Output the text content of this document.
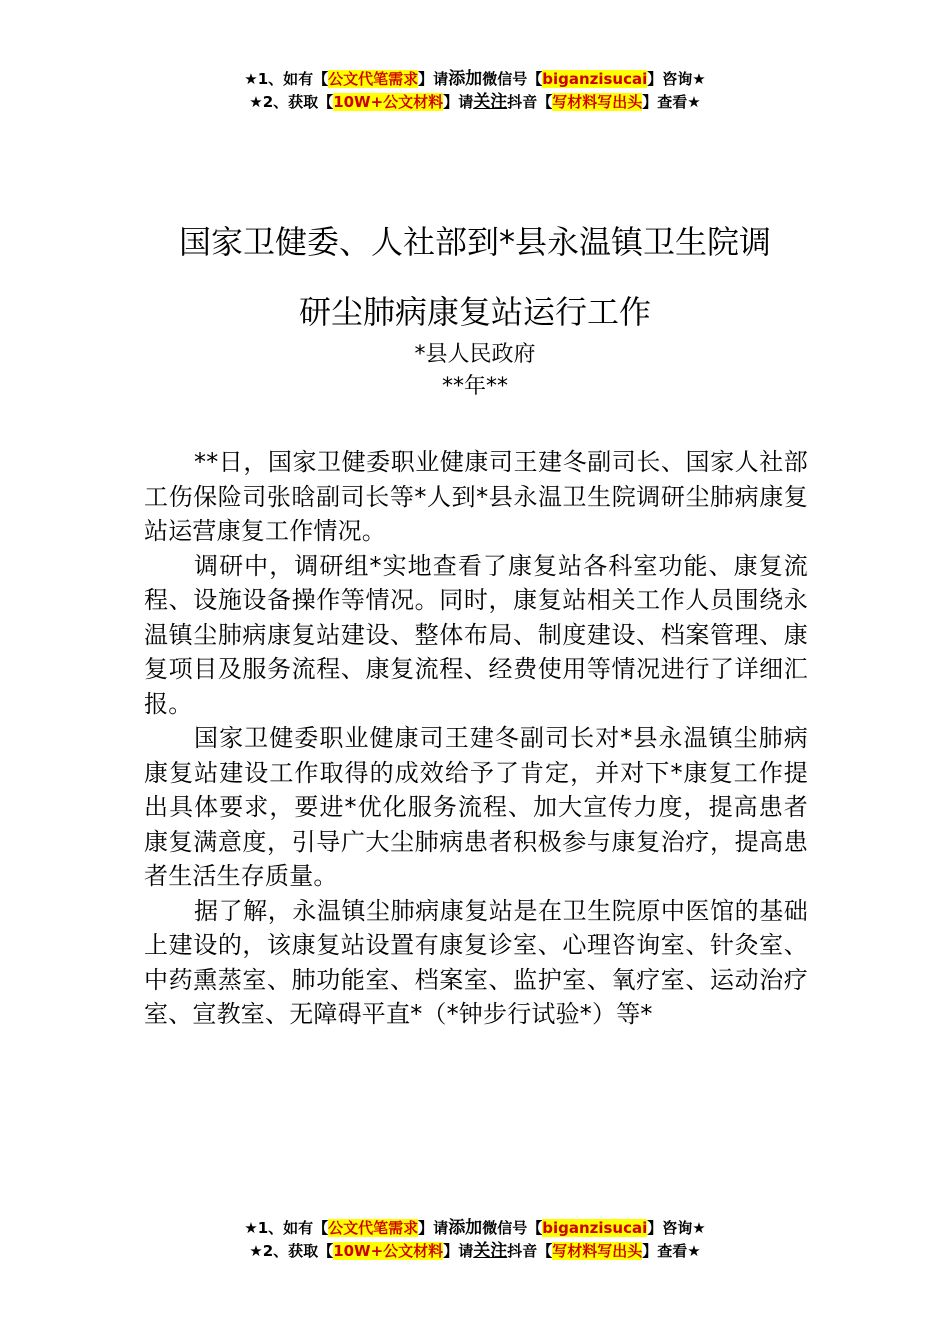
★1、如有【公文代笔需求】请添加微信号【biganzisucai】咨询★
★2、获取【10W+公文材料】请关注抖音【写材料写出头】查看★
国家卫健委、人社部到*县永温镇卫生院调
研尘肺病康复站运行工作
*县人民政府
**年**

**日，国家卫健委职业健康司王建冬副司长、国家人社部工伤保险司张晗副司长等*人到*县永温卫生院调研尘肺病康复站运营康复工作情况。

调研中，调研组*实地查看了康复站各科室功能、康复流程、设施设备操作等情况。同时，康复站相关工作人员围绕永温镇尘肺病康复站建设、整体布局、制度建设、档案管理、康复项目及服务流程、康复流程、经费使用等情况进行了详细汇报。

国家卫健委职业健康司王建冬副司长对*县永温镇尘肺病康复站建设工作取得的成效给予了肯定，并对下*康复工作提出具体要求，要进*优化服务流程、加大宣传力度，提高患者康复满意度，引导广大尘肺病患者积极参与康复治疗，提高患者生活生存质量。

据了解，永温镇尘肺病康复站是在卫生院原中医馆的基础上建设的，该康复站设置有康复诊室、心理咨询室、针灸室、中药熏蒸室、肺功能室、档案室、监护室、氧疗室、运动治疗室、宣教室、无障碍平直*（*钟步行试验*）等*

★1、如有【公文代笔需求】请添加微信号【biganzisucai】咨询★
★2、获取【10W+公文材料】请关注抖音【写材料写出头】查看★
